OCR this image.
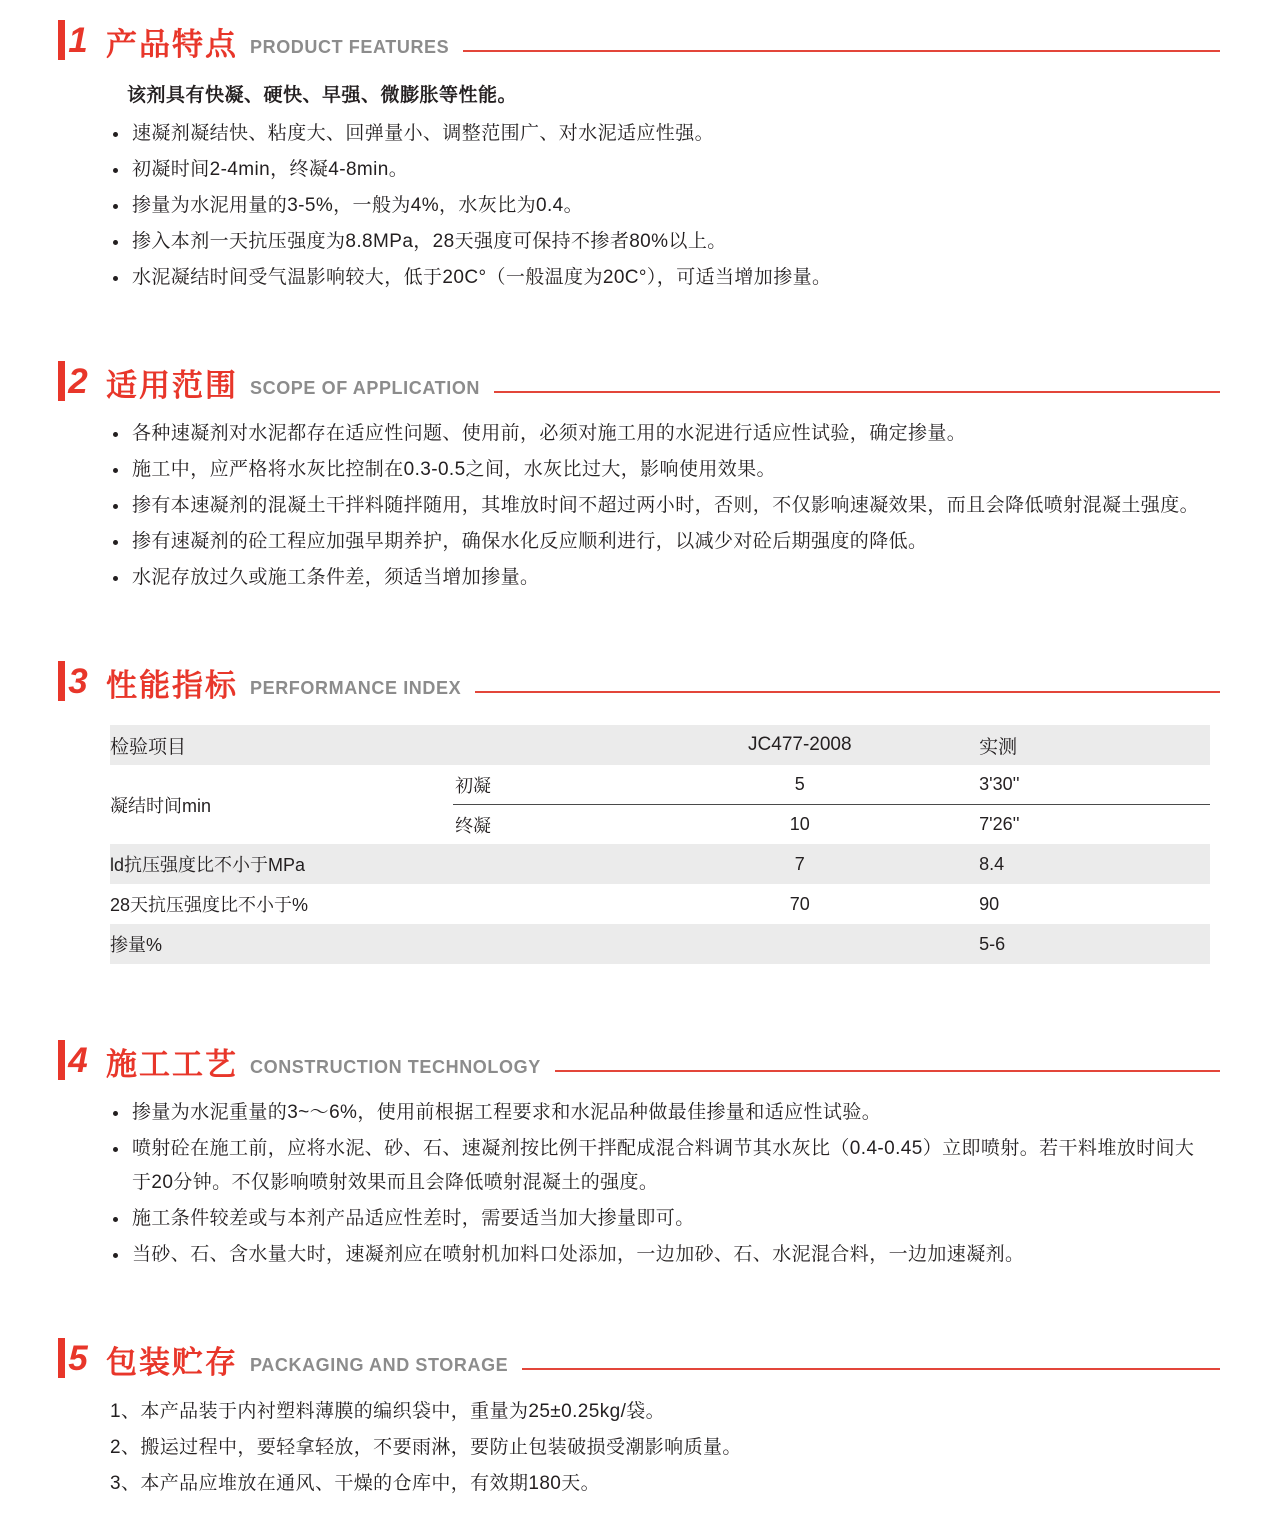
1 产品特点 PRODUCT FEATURES
该剂具有快凝、硬快、早强、微膨胀等性能。
速凝剂凝结快、粘度大、回弹量小、调整范围广、对水泥适应性强。
初凝时间2-4min，终凝4-8min。
掺量为水泥用量的3-5%，一般为4%，水灰比为0.4。
掺入本剂一天抗压强度为8.8MPa，28天强度可保持不掺者80%以上。
水泥凝结时间受气温影响较大，低于20C°（一般温度为20C°），可适当增加掺量。
2 适用范围 SCOPE OF APPLICATION
各种速凝剂对水泥都存在适应性问题、使用前，必须对施工用的水泥进行适应性试验，确定掺量。
施工中，应严格将水灰比控制在0.3-0.5之间，水灰比过大，影响使用效果。
掺有本速凝剂的混凝土干拌料随拌随用，其堆放时间不超过两小时，否则，不仅影响速凝效果，而且会降低喷射混凝土强度。
掺有速凝剂的砼工程应加强早期养护，确保水化反应顺利进行，以减少对砼后期强度的降低。
水泥存放过久或施工条件差，须适当增加掺量。
3 性能指标 PERFORMANCE INDEX
检验项目		JC477-2008	实测
凝结时间min	初凝	5	3'30''
	终凝	10	7'26''
ld抗压强度比不小于MPa		7	8.4
28天抗压强度比不小于%		70	90
掺量%			5-6
4 施工工艺 CONSTRUCTION TECHNOLOGY
掺量为水泥重量的3~～6%，使用前根据工程要求和水泥品种做最佳掺量和适应性试验。
喷射砼在施工前，应将水泥、砂、石、速凝剂按比例干拌配成混合料调节其水灰比（0.4-0.45）立即喷射。若干料堆放时间大于20分钟。不仅影响喷射效果而且会降低喷射混凝土的强度。
施工条件较差或与本剂产品适应性差时，需要适当加大掺量即可。
当砂、石、含水量大时，速凝剂应在喷射机加料口处添加，一边加砂、石、水泥混合料，一边加速凝剂。
5 包装贮存 PACKAGING AND STORAGE
1、本产品装于内衬塑料薄膜的编织袋中，重量为25±0.25kg/袋。
2、搬运过程中，要轻拿轻放，不要雨淋，要防止包装破损受潮影响质量。
3、本产品应堆放在通风、干燥的仓库中，有效期180天。
